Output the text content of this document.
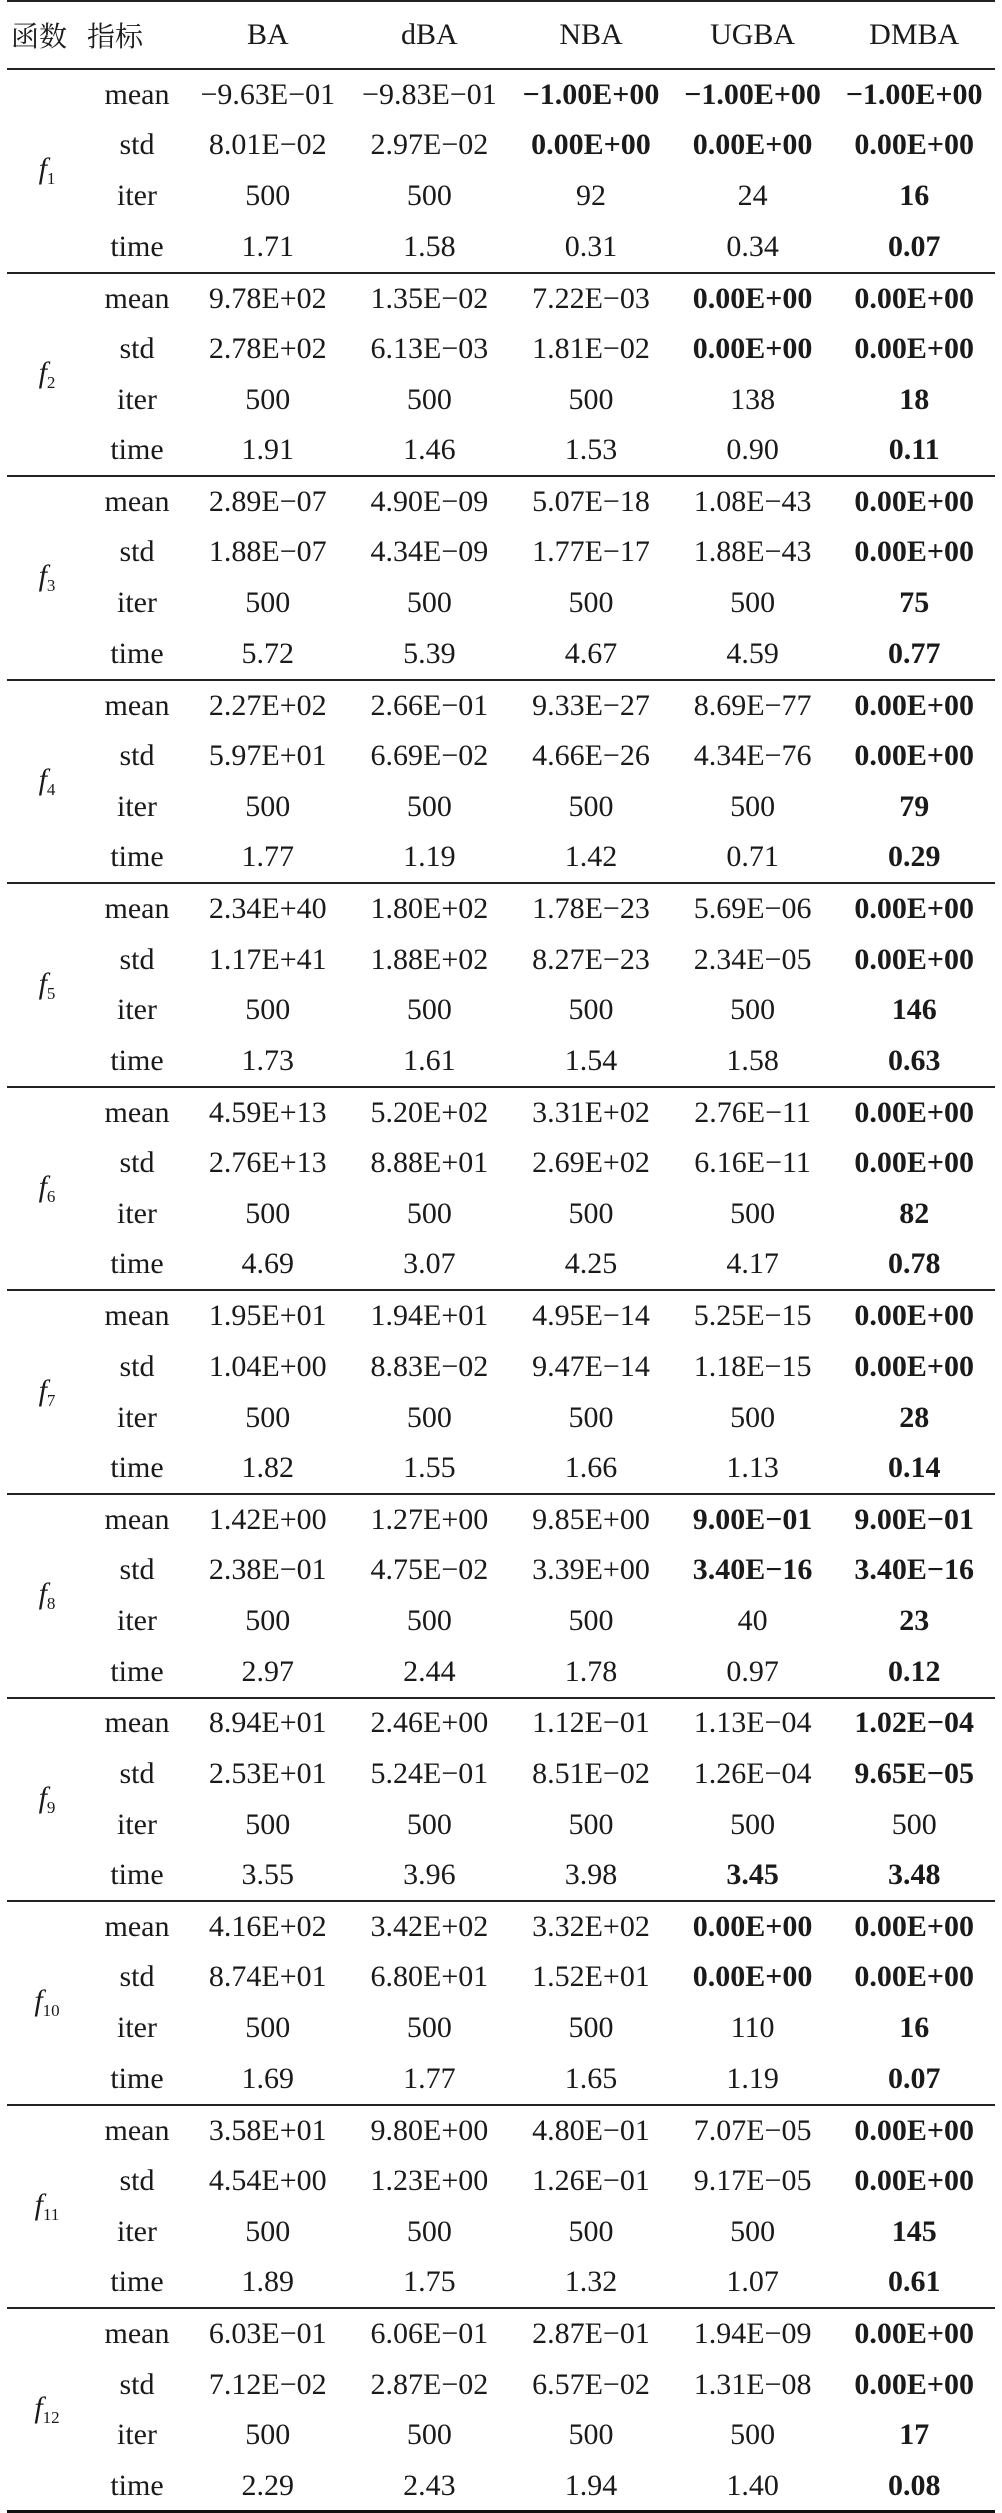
函数	指标	BA	dBA	NBA	UGBA	DMBA
$f_1$	mean	−9.63E−01	−9.83E−01	−1.00E+00	−1.00E+00	−1.00E+00
	std	8.01E−02	2.97E−02	0.00E+00	0.00E+00	0.00E+00
	iter	500	500	92	24	16
	time	1.71	1.58	0.31	0.34	0.07
$f_2$	mean	9.78E+02	1.35E−02	7.22E−03	0.00E+00	0.00E+00
	std	2.78E+02	6.13E−03	1.81E−02	0.00E+00	0.00E+00
	iter	500	500	500	138	18
	time	1.91	1.46	1.53	0.90	0.11
$f_3$	mean	2.89E−07	4.90E−09	5.07E−18	1.08E−43	0.00E+00
	std	1.88E−07	4.34E−09	1.77E−17	1.88E−43	0.00E+00
	iter	500	500	500	500	75
	time	5.72	5.39	4.67	4.59	0.77
$f_4$	mean	2.27E+02	2.66E−01	9.33E−27	8.69E−77	0.00E+00
	std	5.97E+01	6.69E−02	4.66E−26	4.34E−76	0.00E+00
	iter	500	500	500	500	79
	time	1.77	1.19	1.42	0.71	0.29
$f_5$	mean	2.34E+40	1.80E+02	1.78E−23	5.69E−06	0.00E+00
	std	1.17E+41	1.88E+02	8.27E−23	2.34E−05	0.00E+00
	iter	500	500	500	500	146
	time	1.73	1.61	1.54	1.58	0.63
$f_6$	mean	4.59E+13	5.20E+02	3.31E+02	2.76E−11	0.00E+00
	std	2.76E+13	8.88E+01	2.69E+02	6.16E−11	0.00E+00
	iter	500	500	500	500	82
	time	4.69	3.07	4.25	4.17	0.78
$f_7$	mean	1.95E+01	1.94E+01	4.95E−14	5.25E−15	0.00E+00
	std	1.04E+00	8.83E−02	9.47E−14	1.18E−15	0.00E+00
	iter	500	500	500	500	28
	time	1.82	1.55	1.66	1.13	0.14
$f_8$	mean	1.42E+00	1.27E+00	9.85E+00	9.00E−01	9.00E−01
	std	2.38E−01	4.75E−02	3.39E+00	3.40E−16	3.40E−16
	iter	500	500	500	40	23
	time	2.97	2.44	1.78	0.97	0.12
$f_9$	mean	8.94E+01	2.46E+00	1.12E−01	1.13E−04	1.02E−04
	std	2.53E+01	5.24E−01	8.51E−02	1.26E−04	9.65E−05
	iter	500	500	500	500	500
	time	3.55	3.96	3.98	3.45	3.48
$f_{10}$	mean	4.16E+02	3.42E+02	3.32E+02	0.00E+00	0.00E+00
	std	8.74E+01	6.80E+01	1.52E+01	0.00E+00	0.00E+00
	iter	500	500	500	110	16
	time	1.69	1.77	1.65	1.19	0.07
$f_{11}$	mean	3.58E+01	9.80E+00	4.80E−01	7.07E−05	0.00E+00
	std	4.54E+00	1.23E+00	1.26E−01	9.17E−05	0.00E+00
	iter	500	500	500	500	145
	time	1.89	1.75	1.32	1.07	0.61
$f_{12}$	mean	6.03E−01	6.06E−01	2.87E−01	1.94E−09	0.00E+00
	std	7.12E−02	2.87E−02	6.57E−02	1.31E−08	0.00E+00
	iter	500	500	500	500	17
	time	2.29	2.43	1.94	1.40	0.08
